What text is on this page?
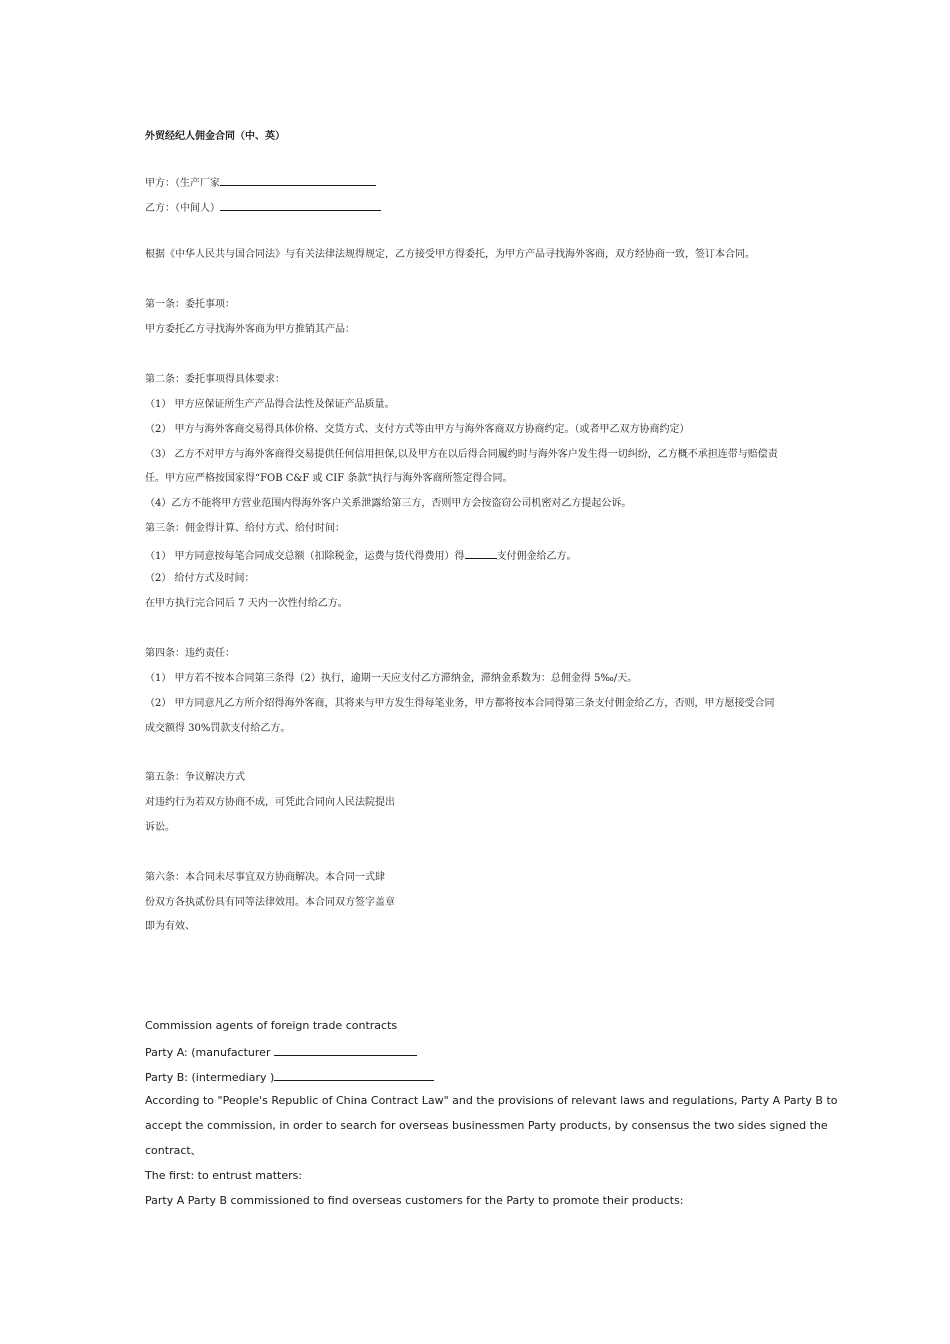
外贸经纪人佣金合同（中、英）
甲方：（生产厂家
乙方：（中间人）
根据《中华人民共与国合同法》与有关法律法规得规定，乙方接受甲方得委托，为甲方产品寻找海外客商，双方经协商一致，签订本合同。
第一条：委托事项：
甲方委托乙方寻找海外客商为甲方推销其产品：
第二条：委托事项得具体要求：
（1） 甲方应保证所生产产品得合法性及保证产品质量。
（2） 甲方与海外客商交易得具体价格、交货方式、支付方式等由甲方与海外客商双方协商约定。（或者甲乙双方协商约定）
（3） 乙方不对甲方与海外客商得交易提供任何信用担保,以及甲方在以后得合同履约时与海外客户发生得一切纠纷，乙方概不承担连带与赔偿责
任。甲方应严格按国家得“FOB C&F 或 CIF 条款”执行与海外客商所签定得合同。
（4）乙方不能将甲方营业范围内得海外客户关系泄露给第三方，否则甲方会按盗窃公司机密对乙方提起公诉。
第三条：佣金得计算、给付方式、给付时间：
（1） 甲方同意按每笔合同成交总额（扣除税金，运费与货代得费用）得	支付佣金给乙方。
（2） 给付方式及时间：
在甲方执行完合同后 7 天内一次性付给乙方。
第四条：违约责任：
（1） 甲方若不按本合同第三条得（2）执行，逾期一天应支付乙方滞纳金，滞纳金系数为：总佣金得 5‰/天。
（2） 甲方同意凡乙方所介绍得海外客商，其将来与甲方发生得每笔业务，甲方都将按本合同得第三条支付佣金给乙方，否则，甲方愿接受合同
成交额得 30%罚款支付给乙方。
第五条：争议解决方式
对违约行为若双方协商不成，可凭此合同向人民法院提出
诉讼。
第六条：本合同未尽事宜双方协商解决。本合同一式肆
份双方各执贰份具有同等法律效用。本合同双方签字盖章
即为有效、
Commission agents of foreign trade contracts
Party A: (manufacturer
Party B: (intermediary )
According to "People's Republic of China Contract Law" and the provisions of relevant laws and regulations, Party A Party B to
accept the commission, in order to search for overseas businessmen Party products, by consensus the two sides signed the
contract、
The first: to entrust matters:
Party A Party B commissioned to find overseas customers for the Party to promote their products:
